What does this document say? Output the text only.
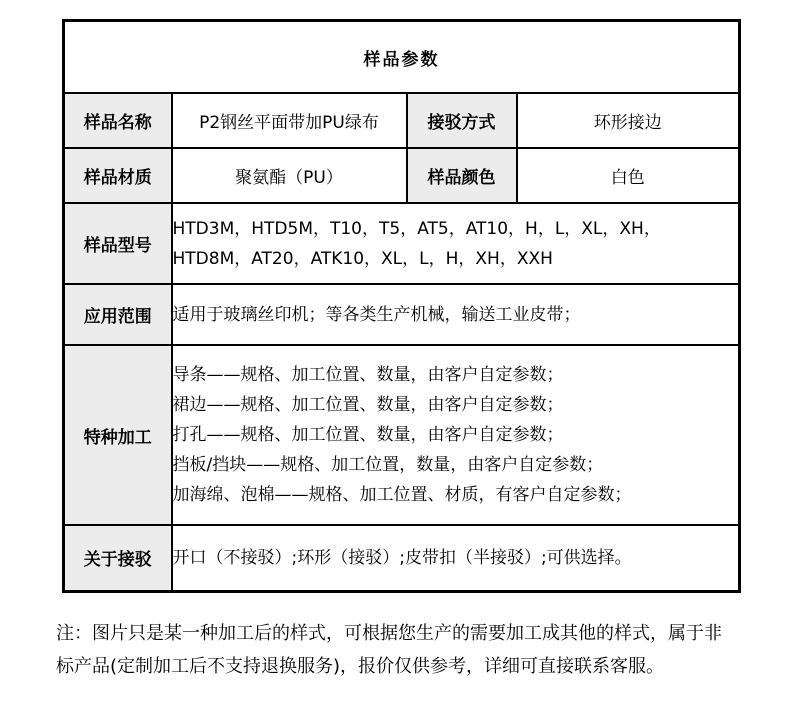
样品参数			
样品名称	P2钢丝平面带加PU绿布	接驳方式	环形接边
样品材质	聚氨酯（PU）	样品颜色	白色
样品型号	HTD3M，HTD5M，T10，T5，AT5，AT10，H，L，XL，XH，
HTD8M，AT20，ATK10，XL，L，H，XH，XXH		

应用范围	适用于玻璃丝印机；等各类生产机械，输送工业皮带；		
特种加工	导条——规格、加工位置、数量，由客户自定参数；
裙边——规格、加工位置、数量，由客户自定参数；
打孔——规格、加工位置、数量，由客户自定参数；
挡板/挡块——规格、加工位置，数量，由客户自定参数；
加海绵、泡棉——规格、加工位置、材质，有客户自定参数；		

关于接驳	开口（不接驳）;环形（接驳）;皮带扣（半接驳）;可供选择。		
注：图片只是某一种加工后的样式，可根据您生产的需要加工成其他的样式，属于非
标产品(定制加工后不支持退换服务)，报价仅供参考，详细可直接联系客服。
